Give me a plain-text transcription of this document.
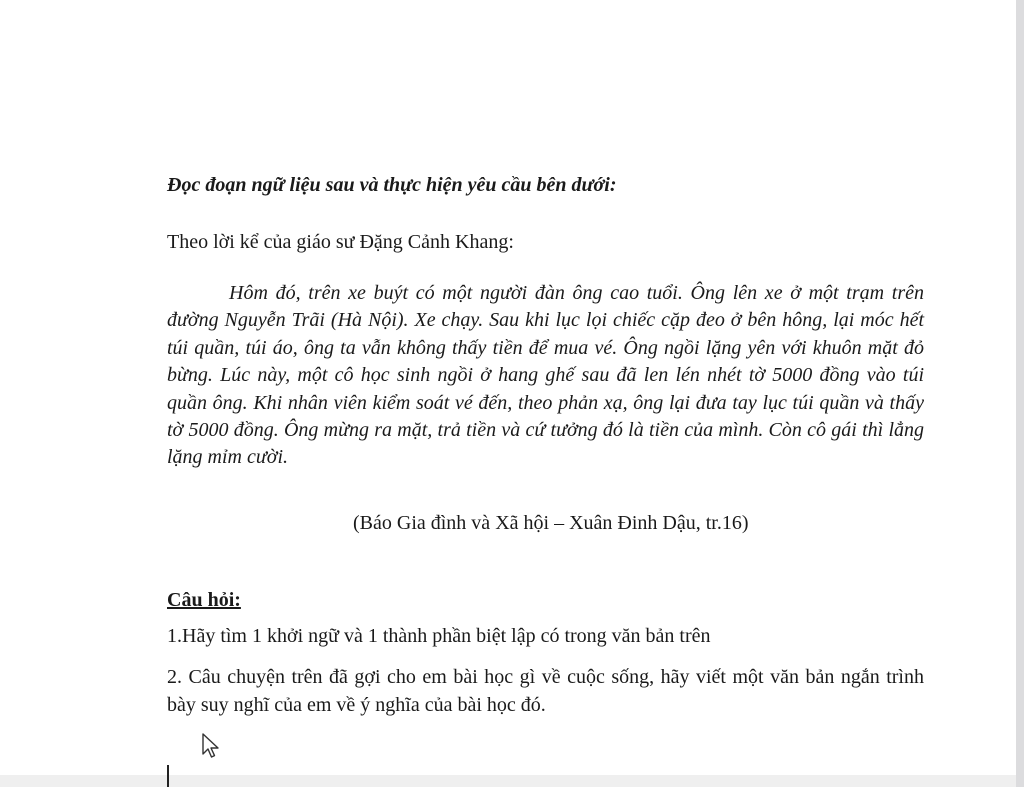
Đọc đoạn ngữ liệu sau và thực hiện yêu cầu bên dưới:
Theo lời kể của giáo sư Đặng Cảnh Khang:

Hôm đó, trên xe buýt có một người đàn ông cao tuổi. Ông lên xe ở một trạm trên đường Nguyễn Trãi (Hà Nội). Xe chạy. Sau khi lục lọi chiếc cặp đeo ở bên hông, lại móc hết túi quần, túi áo, ông ta vẫn không thấy tiền để mua vé. Ông ngồi lặng yên với khuôn mặt đỏ bừng. Lúc này, một cô học sinh ngồi ở hang ghế sau đã len lén nhét tờ 5000 đồng vào túi quần ông. Khi nhân viên kiểm soát vé đến, theo phản xạ, ông lại đưa tay lục túi quần và thấy tờ 5000 đồng. Ông mừng ra mặt, trả tiền và cứ tưởng đó là tiền của mình. Còn cô gái thì lẳng lặng mỉm cười.

(Báo Gia đình và Xã hội – Xuân Đinh Dậu, tr.16)
Câu hỏi:
1.Hãy tìm 1 khởi ngữ và 1 thành phần biệt lập có trong văn bản trên

2. Câu chuyện trên đã gợi cho em bài học gì về cuộc sống, hãy viết một văn bản ngắn trình bày suy nghĩ của em về ý nghĩa của bài học đó.
